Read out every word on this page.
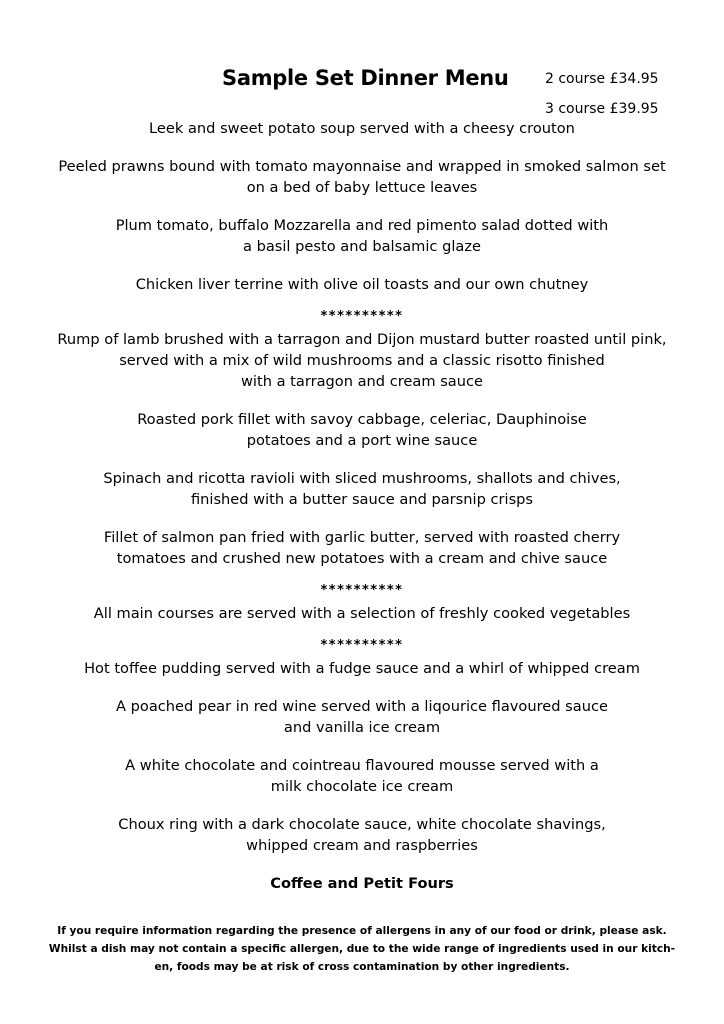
Sample Set Dinner Menu	2 course £34.95
3 course £39.95
Leek and sweet potato soup served with a cheesy crouton
Peeled prawns bound with tomato mayonnaise and wrapped in smoked salmon set
on a bed of baby lettuce leaves
Plum tomato, buffalo Mozzarella and red pimento salad dotted with
a basil pesto and balsamic glaze
Chicken liver terrine with olive oil toasts and our own chutney
**********
Rump of lamb brushed with a tarragon and Dijon mustard butter roasted until pink,
served with a mix of wild mushrooms and a classic risotto finished
with a tarragon and cream sauce
Roasted pork fillet with savoy cabbage, celeriac, Dauphinoise
potatoes and a port wine sauce
Spinach and ricotta ravioli with sliced mushrooms, shallots and chives,
finished with a butter sauce and parsnip crisps
Fillet of salmon pan fried with garlic butter, served with roasted cherry
tomatoes and crushed new potatoes with a cream and chive sauce
**********
All main courses are served with a selection of freshly cooked vegetables
**********
Hot toffee pudding served with a fudge sauce and a whirl of whipped cream
A poached pear in red wine served with a liqourice flavoured sauce
and vanilla ice cream
A white chocolate and cointreau flavoured mousse served with a
milk chocolate ice cream
Choux ring with a dark chocolate sauce, white chocolate shavings,
whipped cream and raspberries
Coffee and Petit Fours
If you require information regarding the presence of allergens in any of our food or drink, please ask.
Whilst a dish may not contain a specific allergen, due to the wide range of ingredients used in our kitch-
en, foods may be at risk of cross contamination by other ingredients.
